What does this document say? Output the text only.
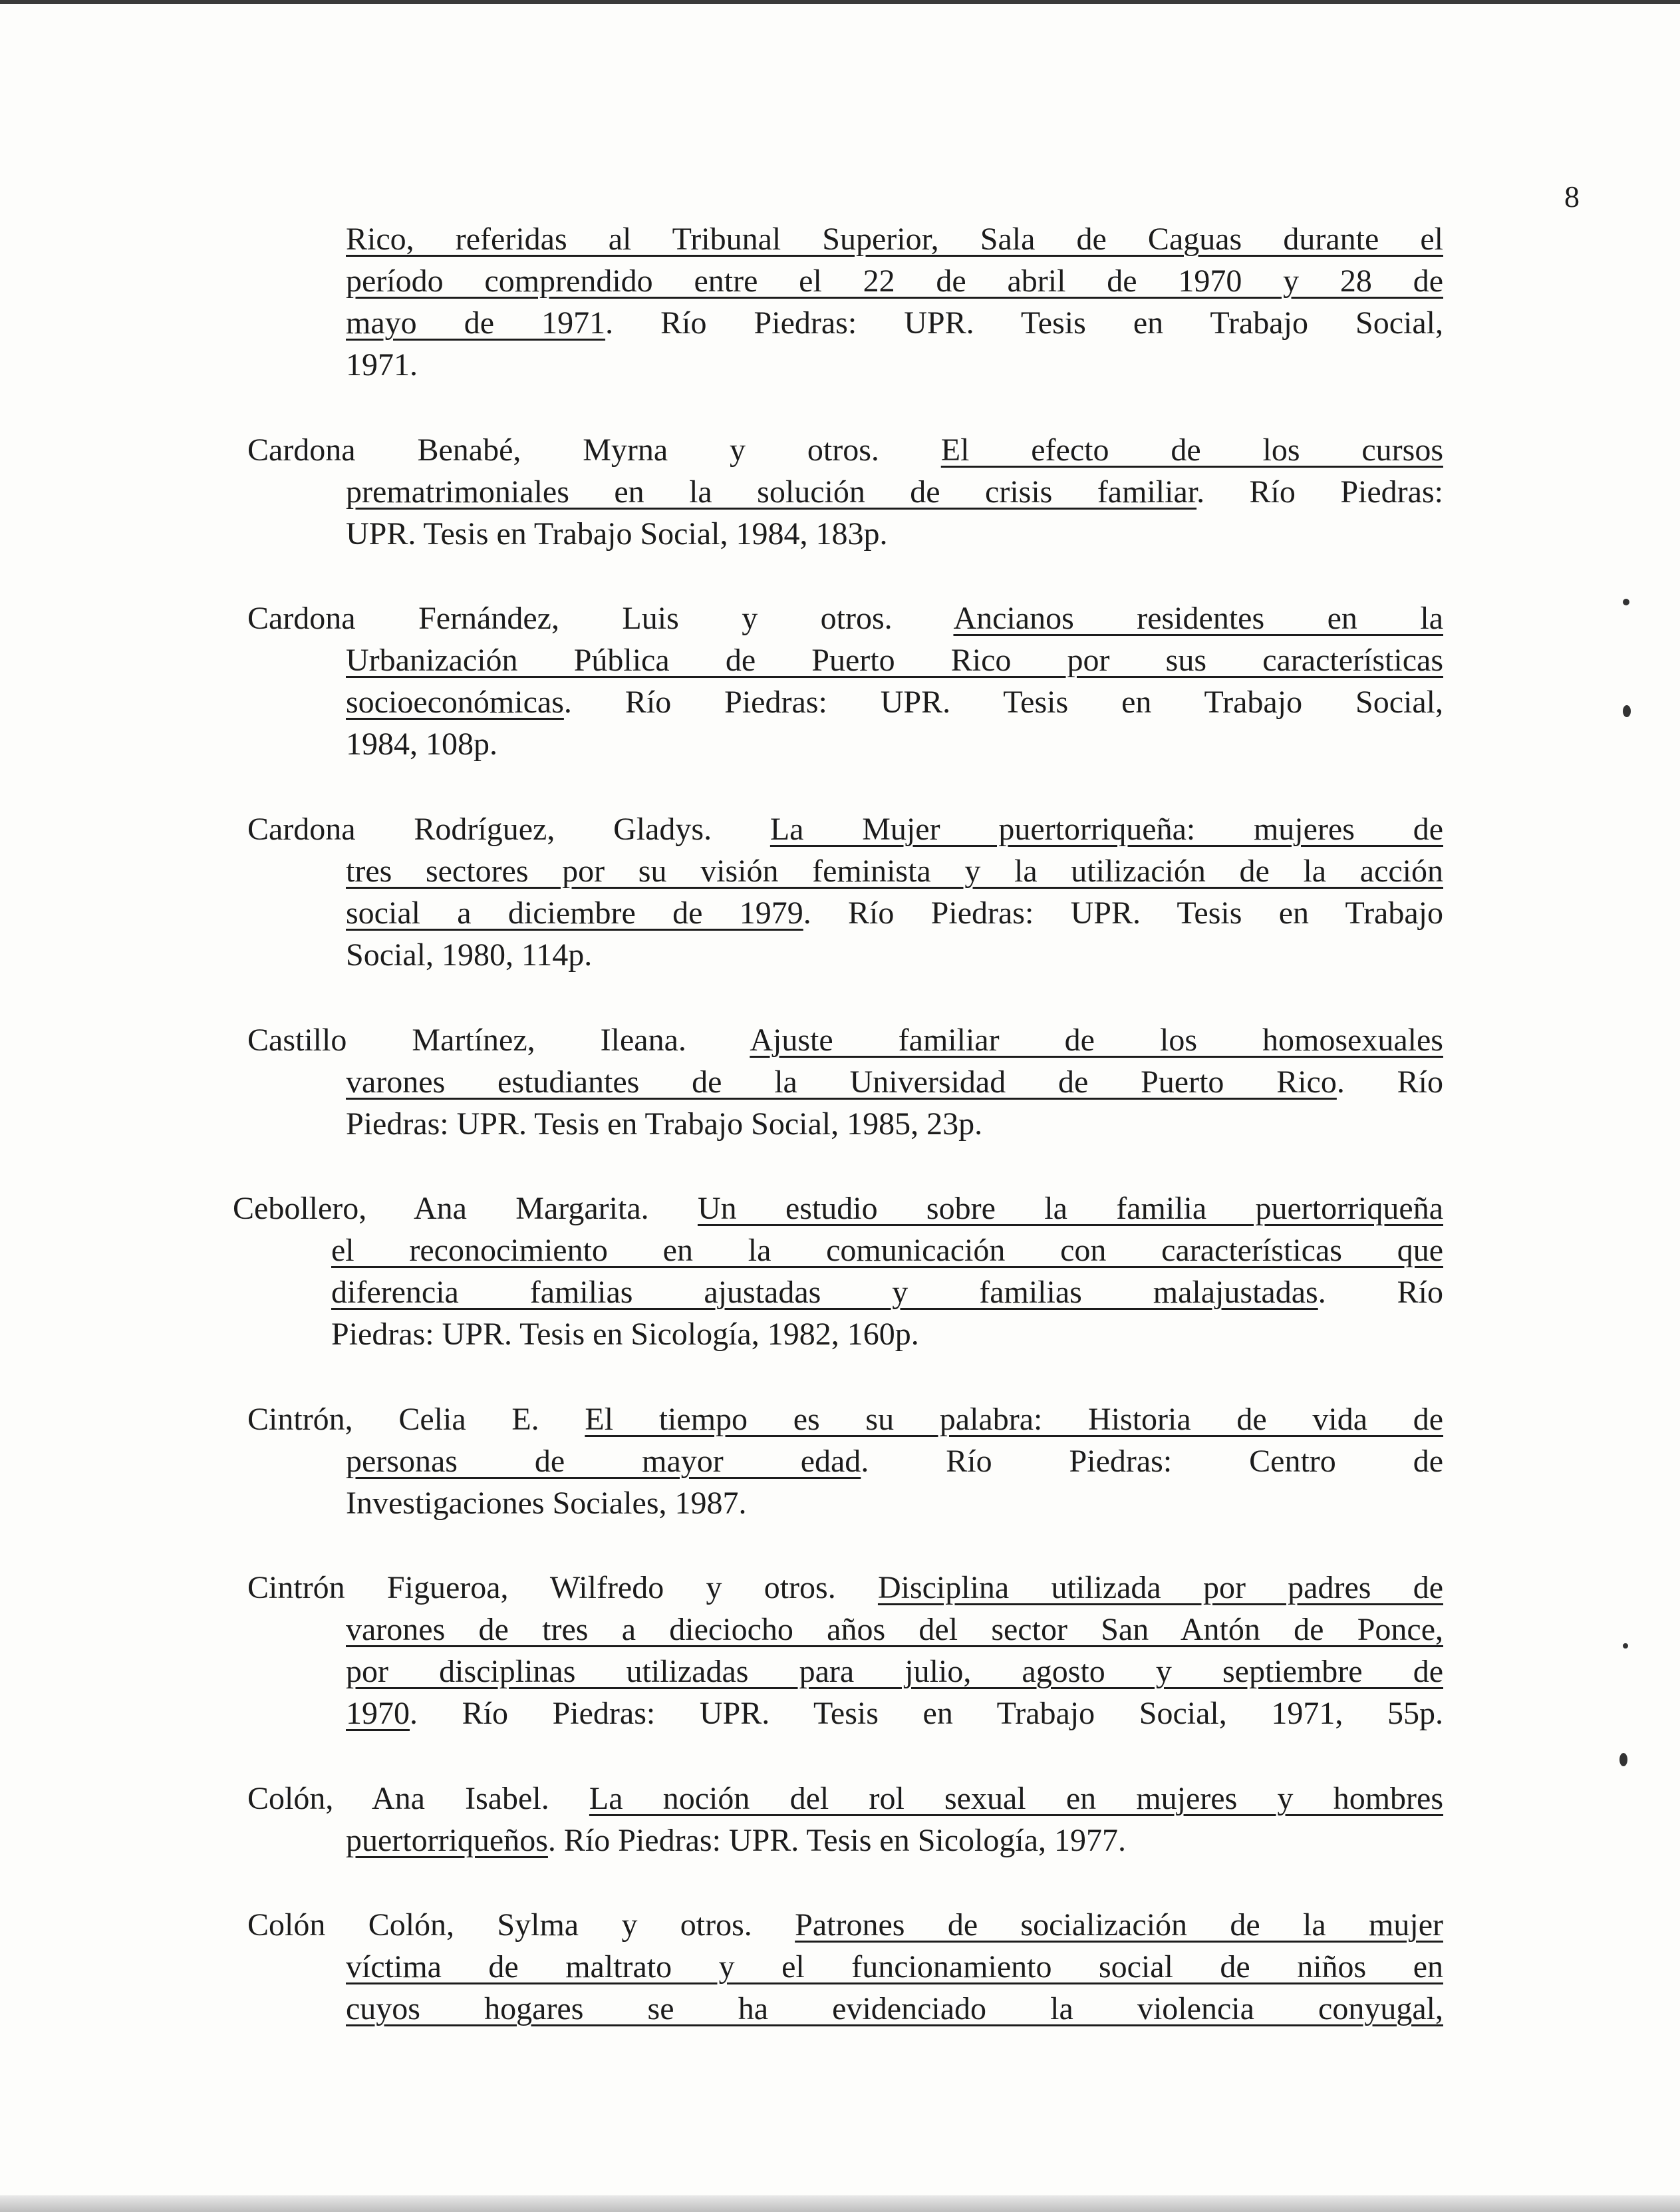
8
Rico, referidas al Tribunal Superior, Sala de Caguas durante el
período comprendido entre el 22 de abril de 1970 y 28 de
mayo de 1971. Río Piedras: UPR. Tesis en Trabajo Social,
1971.
Cardona Benabé, Myrna y otros. El efecto de los cursos
prematrimoniales en la solución de crisis familiar. Río Piedras:
UPR. Tesis en Trabajo Social, 1984, 183p.
Cardona Fernández, Luis y otros. Ancianos residentes en la
Urbanización Pública de Puerto Rico por sus características
socioeconómicas. Río Piedras: UPR. Tesis en Trabajo Social,
1984, 108p.
Cardona Rodríguez, Gladys. La Mujer puertorriqueña: mujeres de
tres sectores por su visión feminista y la utilización de la acción
social a diciembre de 1979. Río Piedras: UPR. Tesis en Trabajo
Social, 1980, 114p.
Castillo Martínez, Ileana. Ajuste familiar de los homosexuales
varones estudiantes de la Universidad de Puerto Rico. Río
Piedras: UPR. Tesis en Trabajo Social, 1985, 23p.
Cebollero, Ana Margarita. Un estudio sobre la familia puertorriqueña
el reconocimiento en la comunicación con características que
diferencia familias ajustadas y familias malajustadas. Río
Piedras: UPR. Tesis en Sicología, 1982, 160p.
Cintrón, Celia E. El tiempo es su palabra: Historia de vida de
personas de mayor edad. Río Piedras: Centro de
Investigaciones Sociales, 1987.
Cintrón Figueroa, Wilfredo y otros. Disciplina utilizada por padres de
varones de tres a dieciocho años del sector San Antón de Ponce,
por disciplinas utilizadas para julio, agosto y septiembre de
1970. Río Piedras: UPR. Tesis en Trabajo Social, 1971, 55p.
Colón, Ana Isabel. La noción del rol sexual en mujeres y hombres
puertorriqueños. Río Piedras: UPR. Tesis en Sicología, 1977.
Colón Colón, Sylma y otros. Patrones de socialización de la mujer
víctima de maltrato y el funcionamiento social de niños en
cuyos hogares se ha evidenciado la violencia conyugal,
